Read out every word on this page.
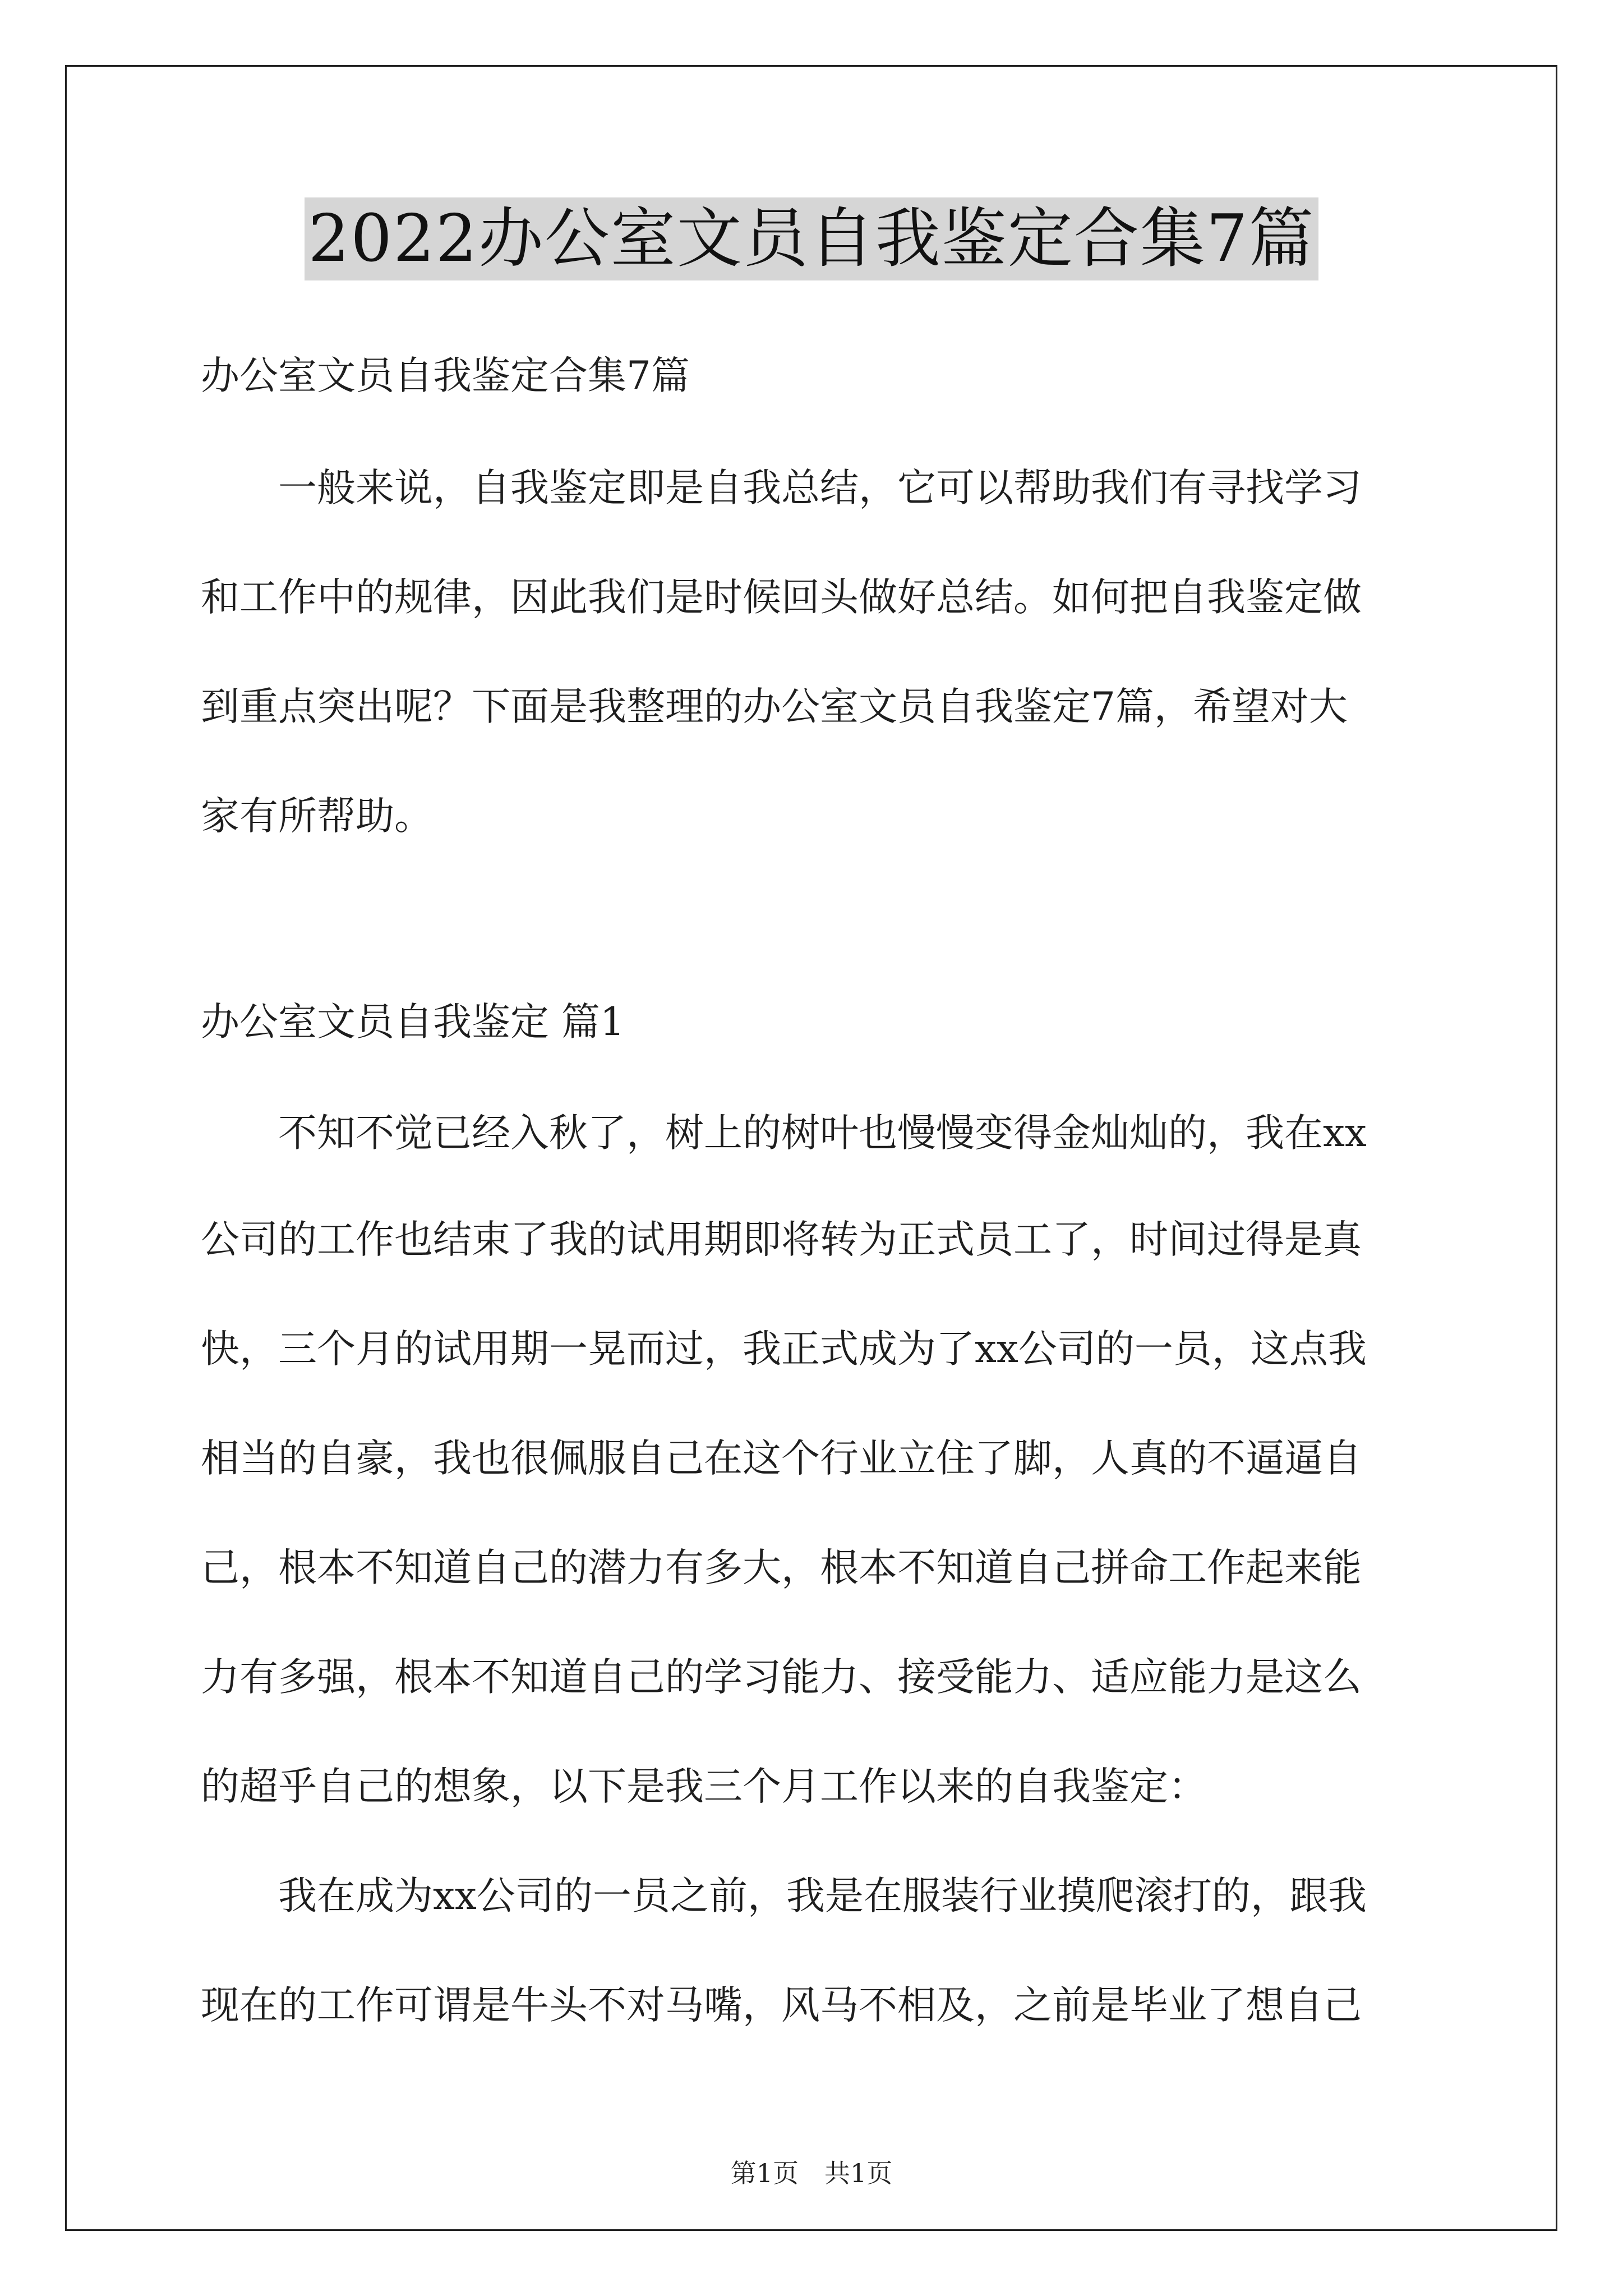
2022办公室文员自我鉴定合集7篇
办公室文员自我鉴定合集7篇
　　一般来说，自我鉴定即是自我总结，它可以帮助我们有寻找学习
和工作中的规律，因此我们是时候回头做好总结。如何把自我鉴定做
到重点突出呢？下面是我整理的办公室文员自我鉴定7篇，希望对大
家有所帮助。
办公室文员自我鉴定 篇1
　　不知不觉已经入秋了，树上的树叶也慢慢变得金灿灿的，我在xx
公司的工作也结束了我的试用期即将转为正式员工了，时间过得是真
快，三个月的试用期一晃而过，我正式成为了xx公司的一员，这点我
相当的自豪，我也很佩服自己在这个行业立住了脚，人真的不逼逼自
己，根本不知道自己的潜力有多大，根本不知道自己拼命工作起来能
力有多强，根本不知道自己的学习能力、接受能力、适应能力是这么
的超乎自己的想象，以下是我三个月工作以来的自我鉴定：
　　我在成为xx公司的一员之前，我是在服装行业摸爬滚打的，跟我
现在的工作可谓是牛头不对马嘴，风马不相及，之前是毕业了想自己
第1页　共1页
